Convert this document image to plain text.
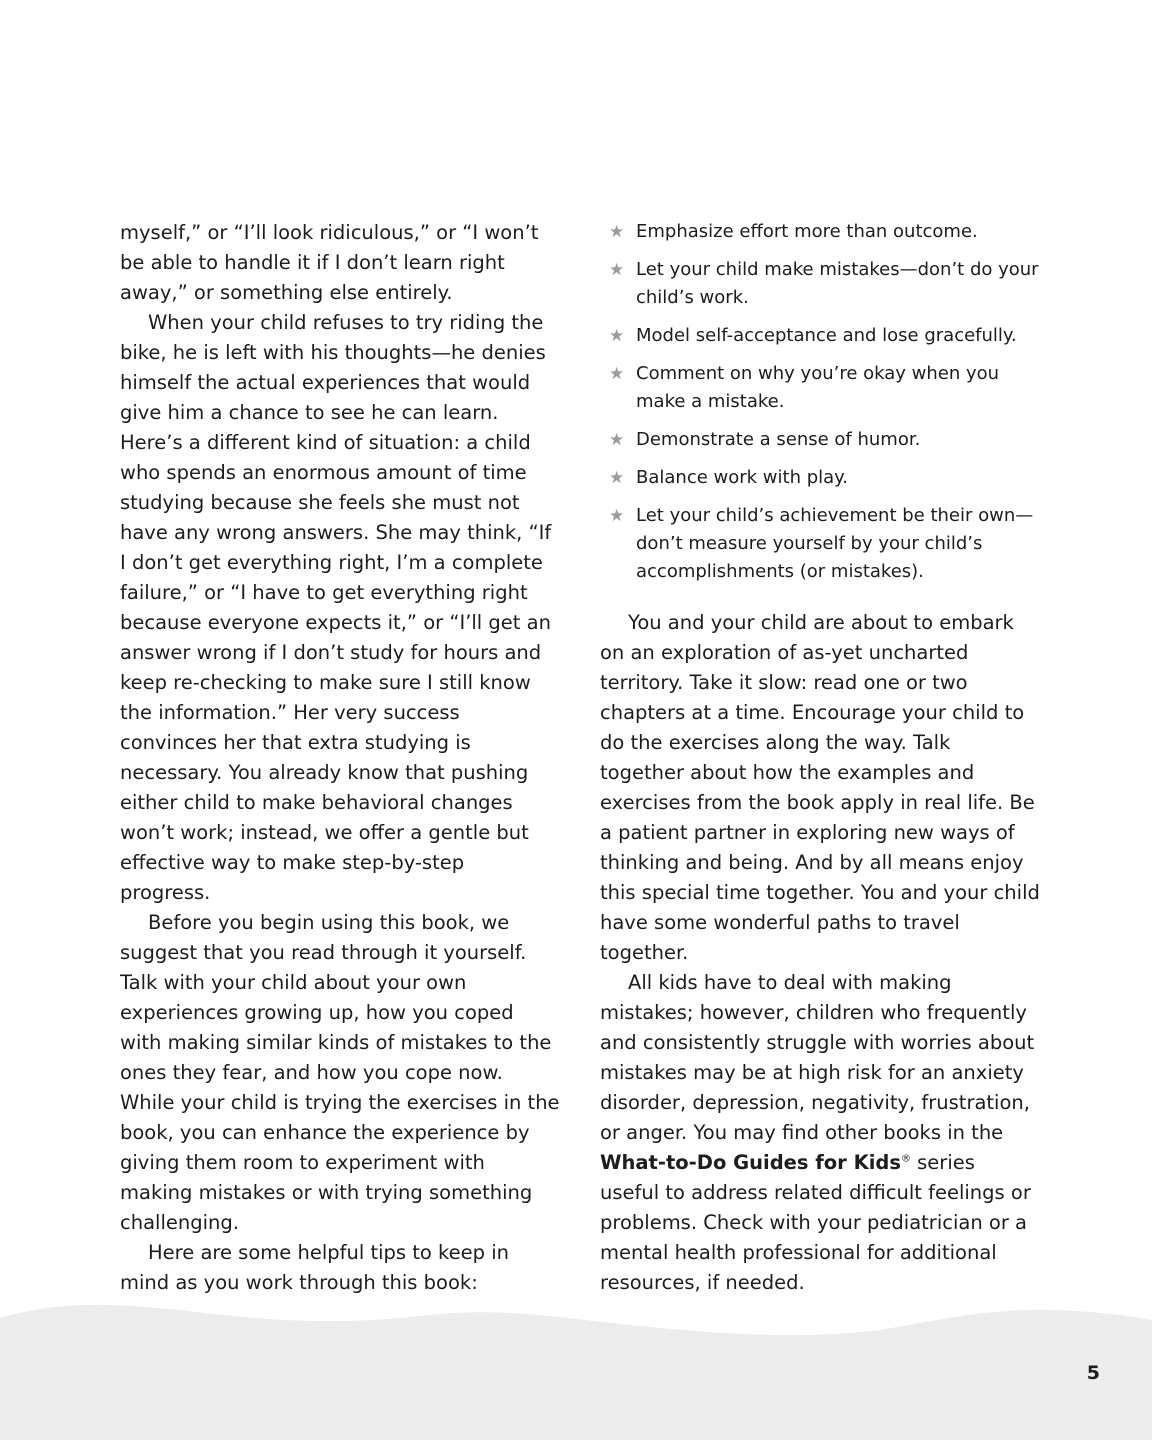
myself,” or “I’ll look ridiculous,” or “I won’t be able to handle it if I don’t learn right away,” or something else entirely.

When your child refuses to try riding the bike, he is left with his thoughts—he denies himself the actual experiences that would give him a chance to see he can learn. Here’s a different kind of situation: a child who spends an enormous amount of time studying because she feels she must not have any wrong answers. She may think, “If I don’t get everything right, I’m a complete failure,” or “I have to get everything right because everyone expects it,” or “I’ll get an answer wrong if I don’t study for hours and keep re-checking to make sure I still know the information.” Her very success convinces her that extra studying is necessary. You already know that pushing either child to make behavioral changes won’t work; instead, we offer a gentle but effective way to make step-by-step progress.

Before you begin using this book, we suggest that you read through it yourself. Talk with your child about your own experiences growing up, how you coped with making similar kinds of mistakes to the ones they fear, and how you cope now. While your child is trying the exercises in the book, you can enhance the experience by giving them room to experiment with making mistakes or with trying something challenging.

Here are some helpful tips to keep in mind as you work through this book:

★ Emphasize effort more than outcome.
★ Let your child make mistakes—don’t do your child’s work.
★ Model self-acceptance and lose gracefully.
★ Comment on why you’re okay when you make a mistake.
★ Demonstrate a sense of humor.
★ Balance work with play.
★ Let your child’s achievement be their own—don’t measure yourself by your child’s accomplishments (or mistakes).

You and your child are about to embark on an exploration of as-yet uncharted territory. Take it slow: read one or two chapters at a time. Encourage your child to do the exercises along the way. Talk together about how the examples and exercises from the book apply in real life. Be a patient partner in exploring new ways of thinking and being. And by all means enjoy this special time together. You and your child have some wonderful paths to travel together.

All kids have to deal with making mistakes; however, children who frequently and consistently struggle with worries about mistakes may be at high risk for an anxiety disorder, depression, negativity, frustration, or anger. You may find other books in the What-to-Do Guides for Kids® series useful to address related difficult feelings or problems. Check with your pediatrician or a mental health professional for additional resources, if needed.

5
